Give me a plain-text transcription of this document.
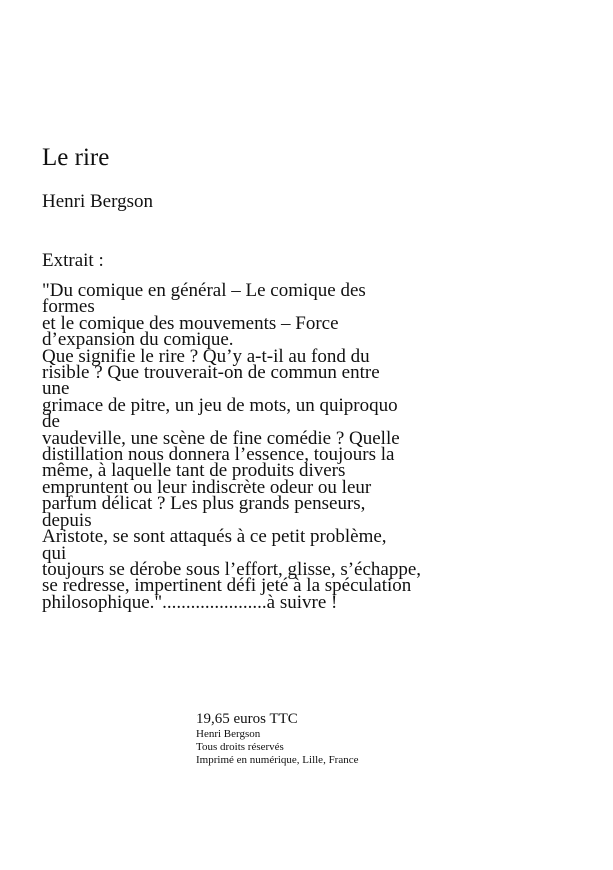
Le rire

Henri Bergson

Extrait :

"Du comique en général – Le comique des
formes
et le comique des mouvements – Force
d’expansion du comique.
Que signifie le rire ? Qu’y a-t-il au fond du
risible ? Que trouverait-on de commun entre
une
grimace de pitre, un jeu de mots, un quiproquo
de
vaudeville, une scène de fine comédie ? Quelle
distillation nous donnera l’essence, toujours la
même, à laquelle tant de produits divers
empruntent ou leur indiscrète odeur ou leur
parfum délicat ? Les plus grands penseurs,
depuis
Aristote, se sont attaqués à ce petit problème,
qui
toujours se dérobe sous l’effort, glisse, s’échappe,
se redresse, impertinent défi jeté à la spéculation
philosophique."......................à suivre !
19,65 euros TTC
Henri Bergson
Tous droits réservés
Imprimé en numérique, Lille, France
